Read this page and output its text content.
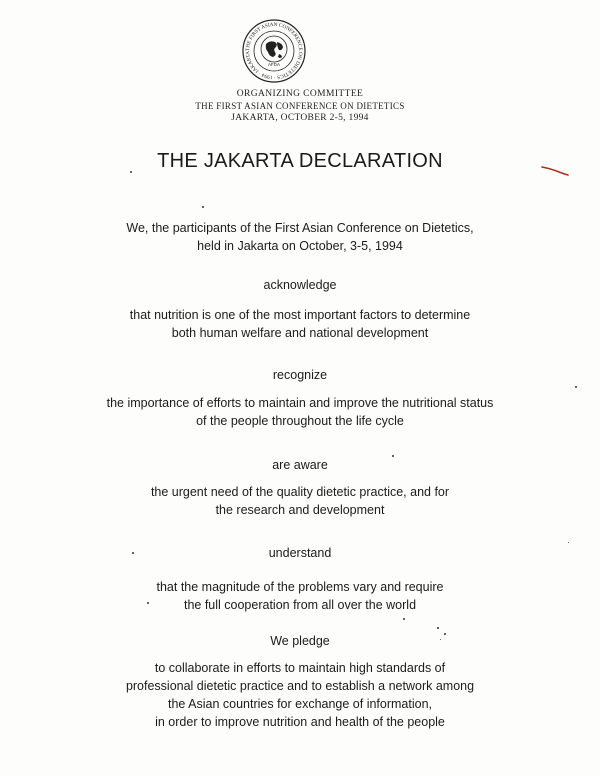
THE FIRST ASIAN CONFERENCE ON DIETETICS · 1994 · JAKARTA
AFDA
ORGANIZING COMMITTEE
THE FIRST ASIAN CONFERENCE ON DIETETICS
JAKARTA, OCTOBER 2-5, 1994
THE JAKARTA DECLARATION
We, the participants of the First Asian Conference on Dietetics,
held in Jakarta on October, 3-5, 1994
acknowledge
that nutrition is one of the most important factors to determine
both human welfare and national development
recognize
the importance of efforts to maintain and improve the nutritional status
of the people throughout the life cycle
are aware
the urgent need of the quality dietetic practice, and for
the research and development
understand
that the magnitude of the problems vary and require
the full cooperation from all over the world
We pledge
to collaborate in efforts to maintain high standards of
professional dietetic practice and to establish a network among
the Asian countries for exchange of information,
in order to improve nutrition and health of the people
